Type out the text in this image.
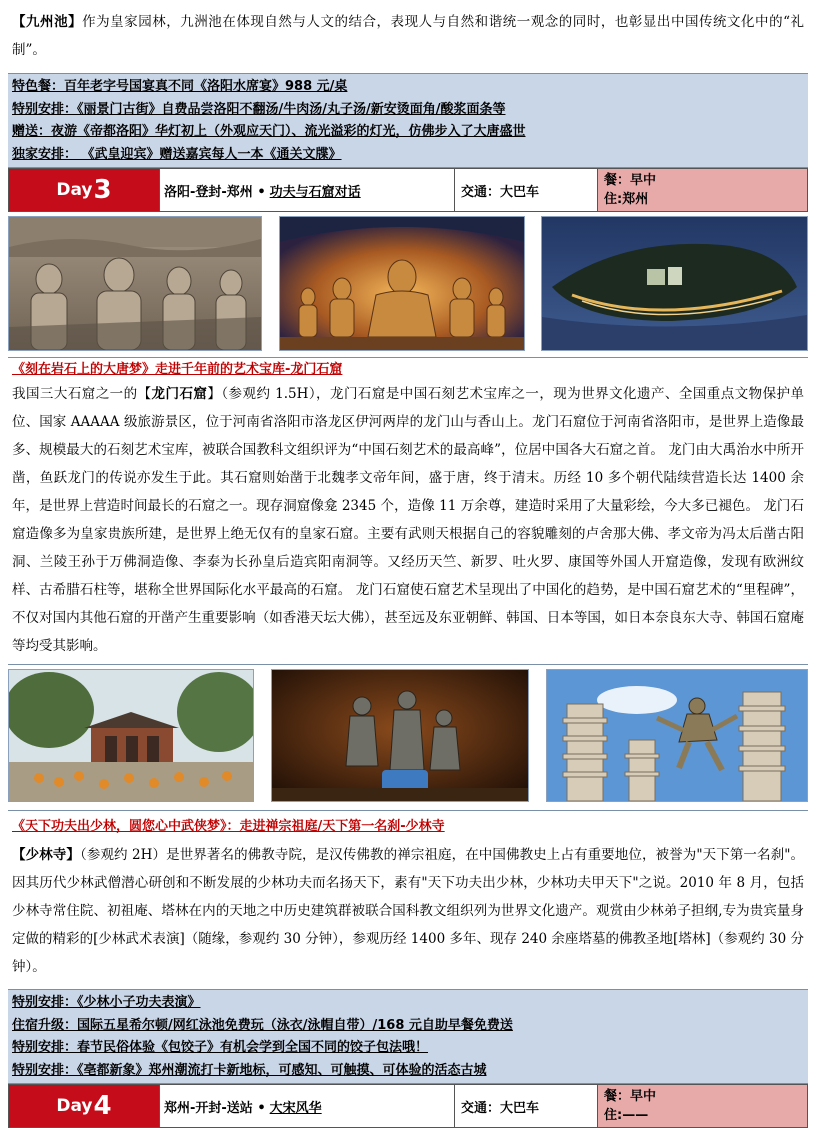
【九州池】作为皇家园林，九洲池在体现自然与人文的结合，表现人与自然和谐统一观念的同时，也彰显出中国传统文化中的“礼制”。
特色餐：百年老字号国宴真不同《洛阳水席宴》988 元/桌
特别安排：《丽景门古街》自费品尝洛阳不翻汤/牛肉汤/丸子汤/新安烫面角/酸浆面条等
赠送：夜游《帝都洛阳》华灯初上（外观应天门）、流光溢彩的灯光，仿佛步入了大唐盛世
独家安排： 《武皇迎宾》赠送嘉宾每人一本《通关文牒》
Day 3	洛阳-登封-郑州 • 功夫与石窟对话	交通：大巴车
餐：早中
住:郑州
《刻在岩石上的大唐梦》走进千年前的艺术宝库-龙门石窟
我国三大石窟之一的【龙门石窟】（参观约 1.5H），龙门石窟是中国石刻艺术宝库之一，现为世界文化遗产、全国重点文物保护单位、国家 AAAAA 级旅游景区，位于河南省洛阳市洛龙区伊河两岸的龙门山与香山上。龙门石窟位于河南省洛阳市，是世界上造像最多、规模最大的石刻艺术宝库，被联合国教科文组织评为“中国石刻艺术的最高峰”，位居中国各大石窟之首。 龙门由大禹治水中所开凿，鱼跃龙门的传说亦发生于此。其石窟则始凿于北魏孝文帝年间，盛于唐，终于清末。历经 10 多个朝代陆续营造长达 1400 余年，是世界上营造时间最长的石窟之一。现存洞窟像龛 2345 个，造像 11 万余尊，建造时采用了大量彩绘，今大多已褪色。 龙门石窟造像多为皇家贵族所建，是世界上绝无仅有的皇家石窟。主要有武则天根据自己的容貌雕刻的卢舍那大佛、孝文帝为冯太后凿古阳洞、兰陵王孙于万佛洞造像、李泰为长孙皇后造宾阳南洞等。又经历天竺、新罗、吐火罗、康国等外国人开窟造像，发现有欧洲纹样、古希腊石柱等，堪称全世界国际化水平最高的石窟。 龙门石窟使石窟艺术呈现出了中国化的趋势，是中国石窟艺术的“里程碑”，不仅对国内其他石窟的开凿产生重要影响（如香港天坛大佛），甚至远及东亚朝鲜、韩国、日本等国，如日本奈良东大寺、韩国石窟庵等均受其影响。
《天下功夫出少林，圆您心中武侠梦》：走进禅宗祖庭/天下第一名刹-少林寺
【少林寺】（参观约 2H）是世界著名的佛教寺院，是汉传佛教的禅宗祖庭，在中国佛教史上占有重要地位，被誉为"天下第一名刹"。因其历代少林武僧潜心研创和不断发展的少林功夫而名扬天下，素有"天下功夫出少林，少林功夫甲天下"之说。2010 年 8 月，包括少林寺常住院、初祖庵、塔林在内的天地之中历史建筑群被联合国科教文组织列为世界文化遗产。观赏由少林弟子担纲,专为贵宾量身定做的精彩的[少林武术表演]（随缘，参观约 30 分钟），参观历经 1400 多年、现存 240 余座塔墓的佛教圣地[塔林]（参观约 30 分钟）。
特别安排：《少林小子功夫表演》
住宿升级：国际五星希尔顿/网红泳池免费玩（泳衣/泳帽自带）/168 元自助早餐免费送
特别安排：春节民俗体验《包饺子》有机会学到全国不同的饺子包法哦！
特别安排：《亳都新象》郑州潮流打卡新地标，可感知、可触摸、可体验的活态古城
Day 4	郑州-开封-送站 • 大宋风华	交通：大巴车
餐：早中
住:——
